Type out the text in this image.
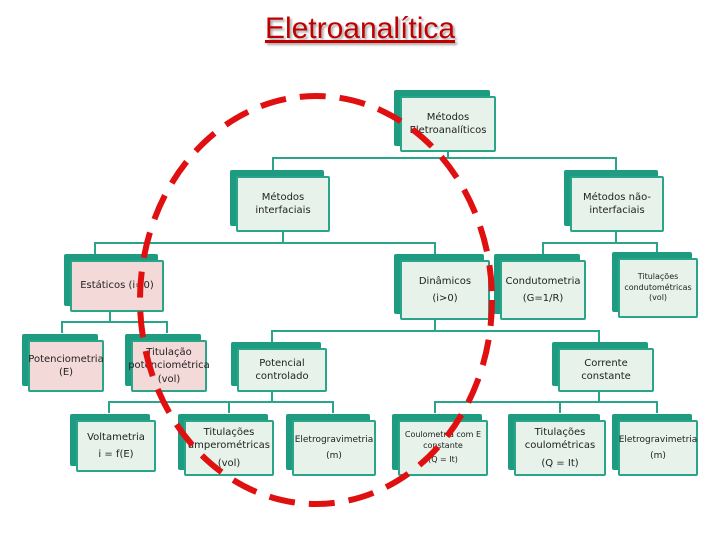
Eletroanalítica
Métodos Eletroanalíticos
Métodos interfaciais
Métodos não-interfaciais
Estáticos (i=0)	Dinâmicos
(i>0)
Condutometria
(G=1/R)
Titulações condutométricas (vol)
Potenciometria (E)
Titulação potenciométrica (vol)
Potencial controlado
Corrente constante
Voltametria
i = f(E)
Titulações amperométricas
(vol)
Eletrogravimetria
(m)
Coulometria com E constante
(Q = It)
Titulações coulométricas
(Q = It)
Eletrogravimetria
(m)
